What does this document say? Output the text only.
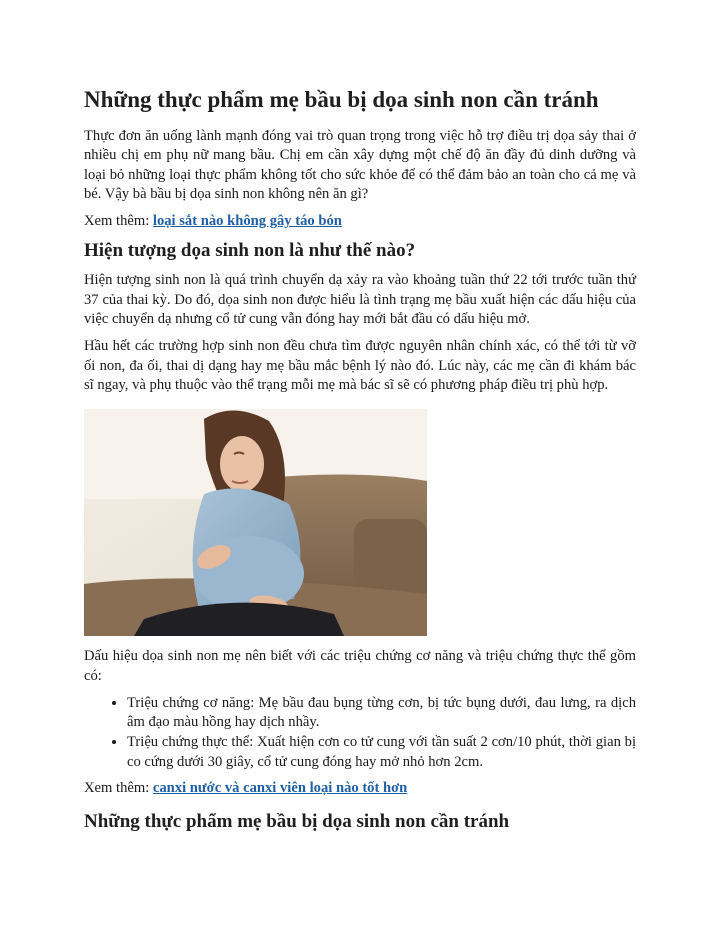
Những thực phẩm mẹ bầu bị dọa sinh non cần tránh

Thực đơn ăn uống lành mạnh đóng vai trò quan trọng trong việc hỗ trợ điều trị dọa sảy thai ở nhiều chị em phụ nữ mang bầu. Chị em cần xây dựng một chế độ ăn đầy đủ dinh dưỡng và loại bỏ những loại thực phẩm không tốt cho sức khỏe để có thể đảm bảo an toàn cho cả mẹ và bé. Vậy bà bầu bị dọa sinh non không nên ăn gì?

Xem thêm: loại sắt nào không gây táo bón

Hiện tượng dọa sinh non là như thế nào?

Hiện tượng sinh non là quá trình chuyển dạ xảy ra vào khoảng tuần thứ 22 tới trước tuần thứ 37 của thai kỳ. Do đó, dọa sinh non được hiểu là tình trạng mẹ bầu xuất hiện các dấu hiệu của việc chuyển dạ nhưng cổ tử cung vẫn đóng hay mới bắt đầu có dấu hiệu mở.

Hầu hết các trường hợp sinh non đều chưa tìm được nguyên nhân chính xác, có thể tới từ vỡ ối non, đa ối, thai dị dạng hay mẹ bầu mắc bệnh lý nào đó. Lúc này, các mẹ cần đi khám bác sĩ ngay, và phụ thuộc vào thể trạng mỗi mẹ mà bác sĩ sẽ có phương pháp điều trị phù hợp.

Dấu hiệu dọa sinh non mẹ nên biết với các triệu chứng cơ năng và triệu chứng thực thể gồm có:

• Triệu chứng cơ năng: Mẹ bầu đau bụng từng cơn, bị tức bụng dưới, đau lưng, ra dịch âm đạo màu hồng hay dịch nhầy.
• Triệu chứng thực thể: Xuất hiện cơn co tử cung với tần suất 2 cơn/10 phút, thời gian bị co cứng dưới 30 giây, cổ tử cung đóng hay mở nhỏ hơn 2cm.

Xem thêm: canxi nước và canxi viên loại nào tốt hơn

Những thực phẩm mẹ bầu bị dọa sinh non cần tránh
